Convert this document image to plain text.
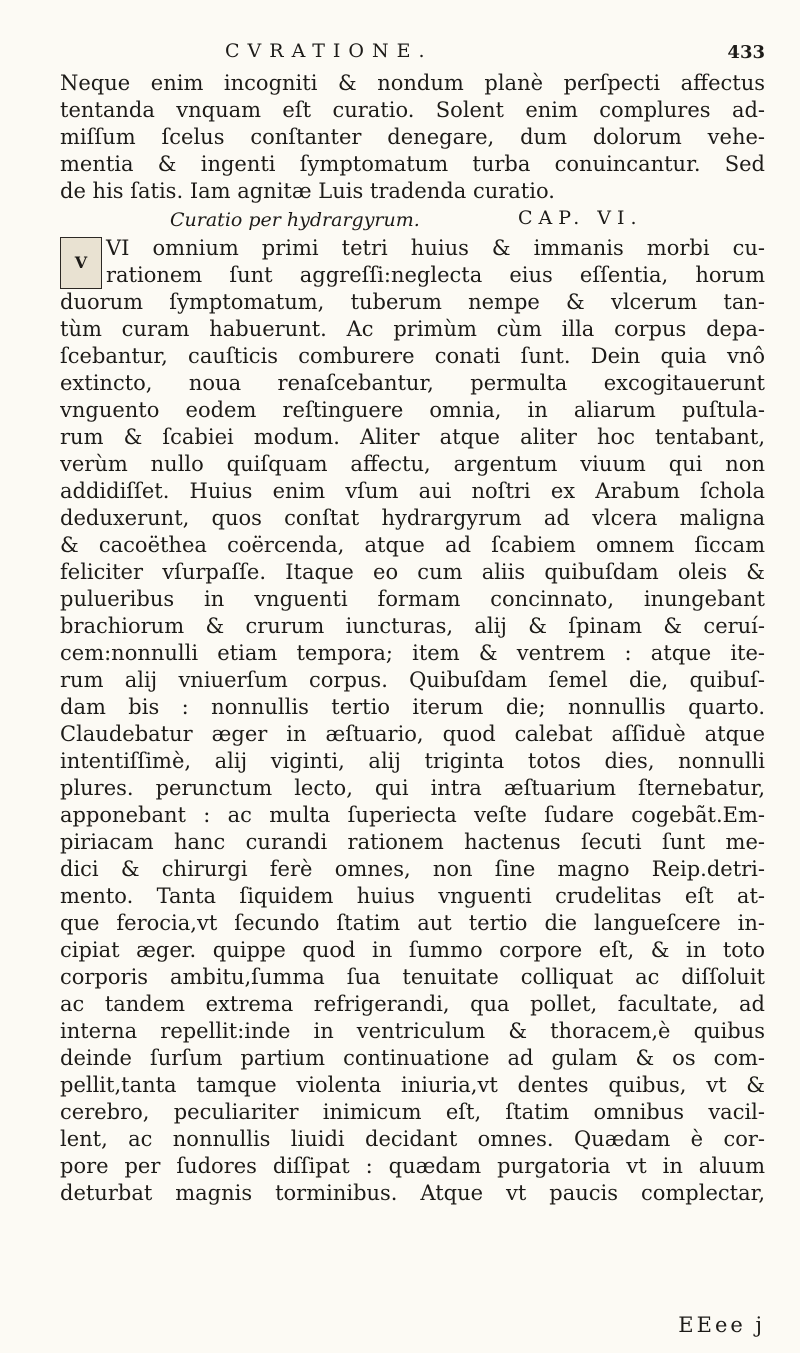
CVRATIONE.	433
Neque enim incogniti & nondum planè perſpecti affectus
tentanda vnquam eſt curatio. Solent enim complures ad-
miſſum ſcelus conſtanter denegare, dum dolorum vehe-
mentia & ingenti ſymptomatum turba conuincantur. Sed
de his ſatis. Iam agnitæ Luis tradenda curatio.
Curatio per hydrargyrum.	CAP. VI.
V
VI omnium primi tetri huius & immanis morbi cu-
rationem ſunt aggreſſi:neglecta eius eſſentia, horum
duorum ſymptomatum, tuberum nempe & vlcerum tan-
tùm curam habuerunt. Ac primùm cùm illa corpus depa-
ſcebantur, cauſticis comburere conati ſunt. Dein quia vnô
extincto, noua renaſcebantur, permulta excogitauerunt
vnguento eodem reſtinguere omnia, in aliarum puſtula-
rum & ſcabiei modum. Aliter atque aliter hoc tentabant,
verùm nullo quiſquam affectu, argentum viuum qui non
addidiſſet. Huius enim vſum aui noſtri ex Arabum ſchola
deduxerunt, quos conſtat hydrargyrum ad vlcera maligna
& cacoëthea coërcenda, atque ad ſcabiem omnem ſiccam
feliciter vſurpaſſe. Itaque eo cum aliis quibuſdam oleis &
pulueribus in vnguenti formam concinnato, inungebant
brachiorum & crurum iuncturas, alij & ſpinam & ceruí-
cem:nonnulli etiam tempora; item & ventrem : atque ite-
rum alij vniuerſum corpus. Quibuſdam ſemel die, quibuſ-
dam bis : nonnullis tertio iterum die; nonnullis quarto.
Claudebatur æger in æſtuario, quod calebat aſſiduè atque
intentiſſimè, alij viginti, alij triginta totos dies, nonnulli
plures. perunctum lecto, qui intra æſtuarium ſternebatur,
apponebant : ac multa ſuperiecta veſte ſudare cogebãt.Em-
piriacam hanc curandi rationem hactenus ſecuti ſunt me-
dici & chirurgi ferè omnes, non ſine magno Reip.detri-
mento. Tanta ſiquidem huius vnguenti crudelitas eſt at-
que ferocia,vt ſecundo ſtatim aut tertio die langueſcere in-
cipiat æger. quippe quod in ſummo corpore eſt, & in toto
corporis ambitu,ſumma ſua tenuitate colliquat ac diſſoluit
ac tandem extrema refrigerandi, qua pollet, facultate, ad
interna repellit:inde in ventriculum & thoracem,è quibus
deinde ſurſum partium continuatione ad gulam & os com-
pellit,tanta tamque violenta iniuria,vt dentes quibus, vt &
cerebro, peculiariter inimicum eſt, ſtatim omnibus vacil-
lent, ac nonnullis liuidi decidant omnes. Quædam è cor-
pore per ſudores diſſipat : quædam purgatoria vt in aluum
deturbat magnis torminibus. Atque vt paucis complectar,
EEee j
